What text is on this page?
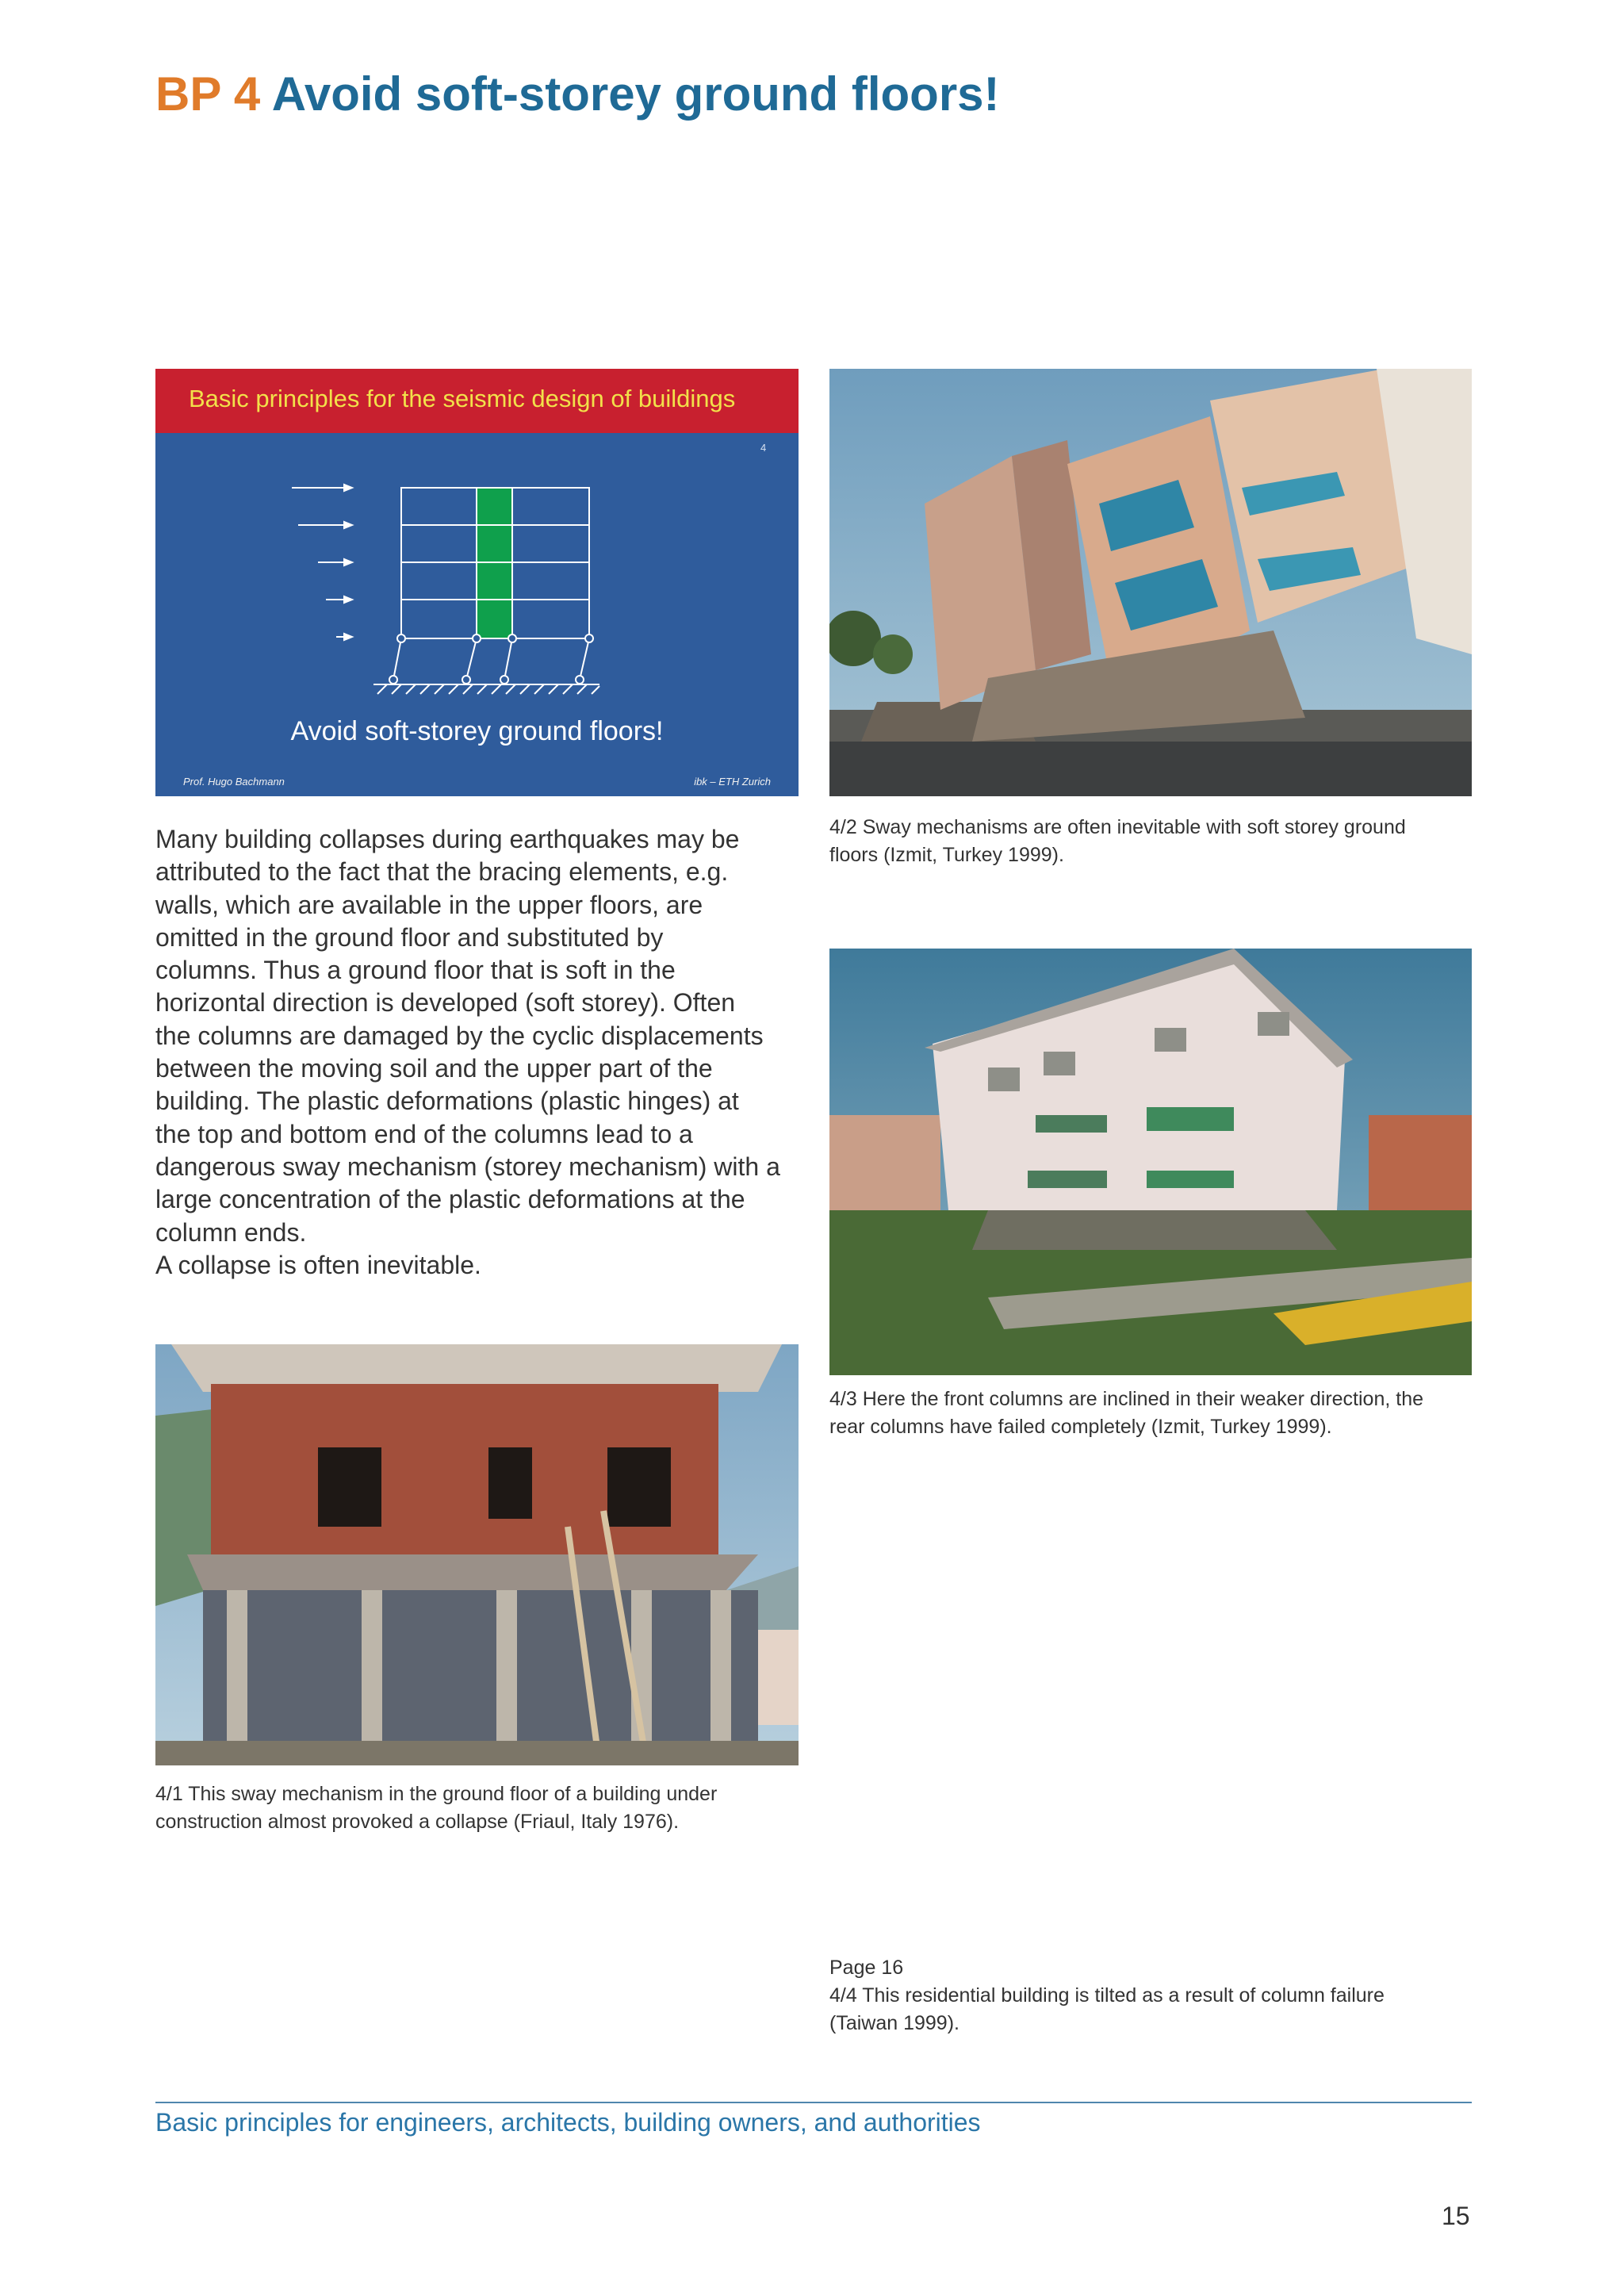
BP 4 Avoid soft-storey ground floors!
Basic principles for the seismic design of buildings
4
Avoid soft-storey ground floors!
Prof. Hugo Bachmann	ibk – ETH Zurich
4/2 Sway mechanisms are often inevitable with soft storey ground
floors (Izmit, Turkey 1999).
Many building collapses during earthquakes may be
attributed to the fact that the bracing elements, e.g.
walls, which are available in the upper floors, are
omitted in the ground floor and substituted by
columns. Thus a ground floor that is soft in the
horizontal direction is developed (soft storey). Often
the columns are damaged by the cyclic displacements
between the moving soil and the upper part of the
building. The plastic deformations (plastic hinges) at
the top and bottom end of the columns lead to a
dangerous sway mechanism (storey mechanism) with a
large concentration of the plastic deformations at the
column ends.
A collapse is often inevitable.
4/3 Here the front columns are inclined in their weaker direction, the
rear columns have failed completely (Izmit, Turkey 1999).
4/1 This sway mechanism in the ground floor of a building under
construction almost provoked a collapse (Friaul, Italy 1976).
Page 16
4/4 This residential building is tilted as a result of column failure
(Taiwan 1999).
Basic principles for engineers, architects, building owners, and authorities
15
